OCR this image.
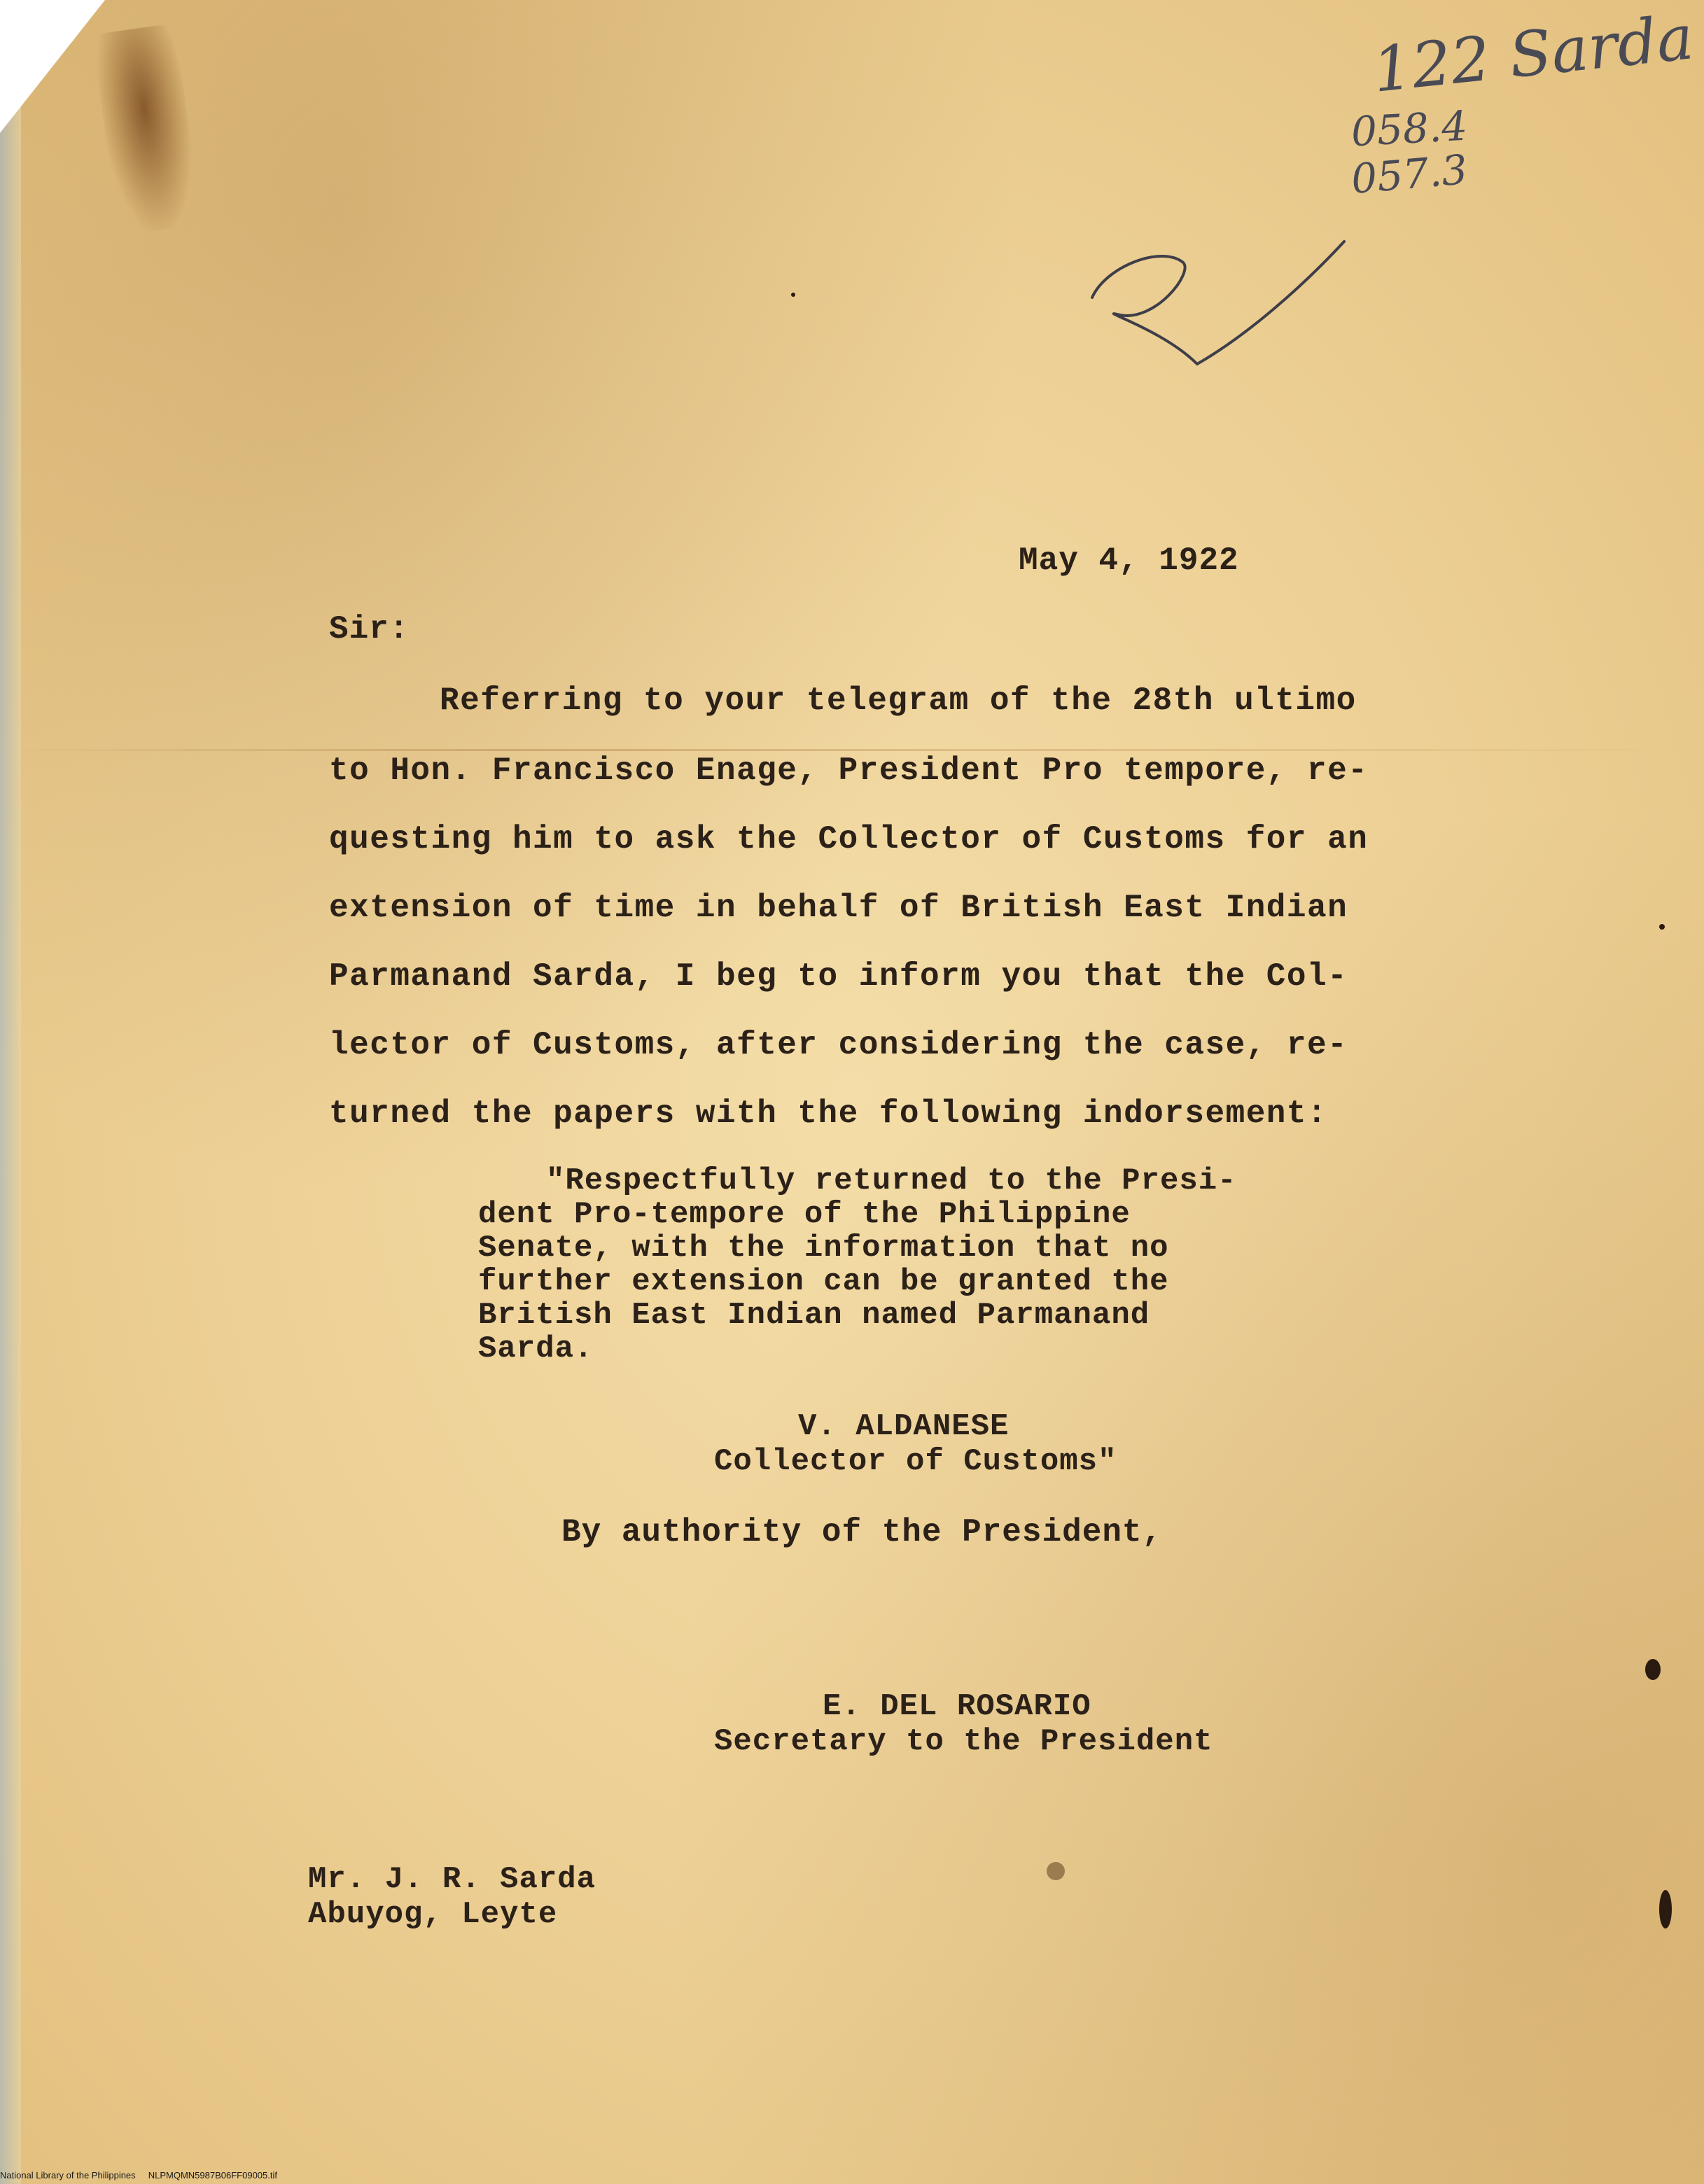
122 Sarda
058.4
057.3
May 4, 1922
Sir:
Referring to your telegram of the 28th ultimo
to Hon. Francisco Enage, President Pro tempore, re-
questing him to ask the Collector of Customs for an
extension of time in behalf of British East Indian
Parmanand Sarda, I beg to inform you that the Col-
lector of Customs, after considering the case, re-
turned the papers with the following indorsement:
"Respectfully returned to the Presi-
dent Pro-tempore of the Philippine
Senate, with the information that no
further extension can be granted the
British East Indian named Parmanand
Sarda.
V. ALDANESE
Collector of Customs"
By authority of the President,
E. DEL ROSARIO
Secretary to the President
Mr. J. R. Sarda
Abuyog, Leyte
National Library of the Philippines     NLPMQMN5987B06FF09005.tif
